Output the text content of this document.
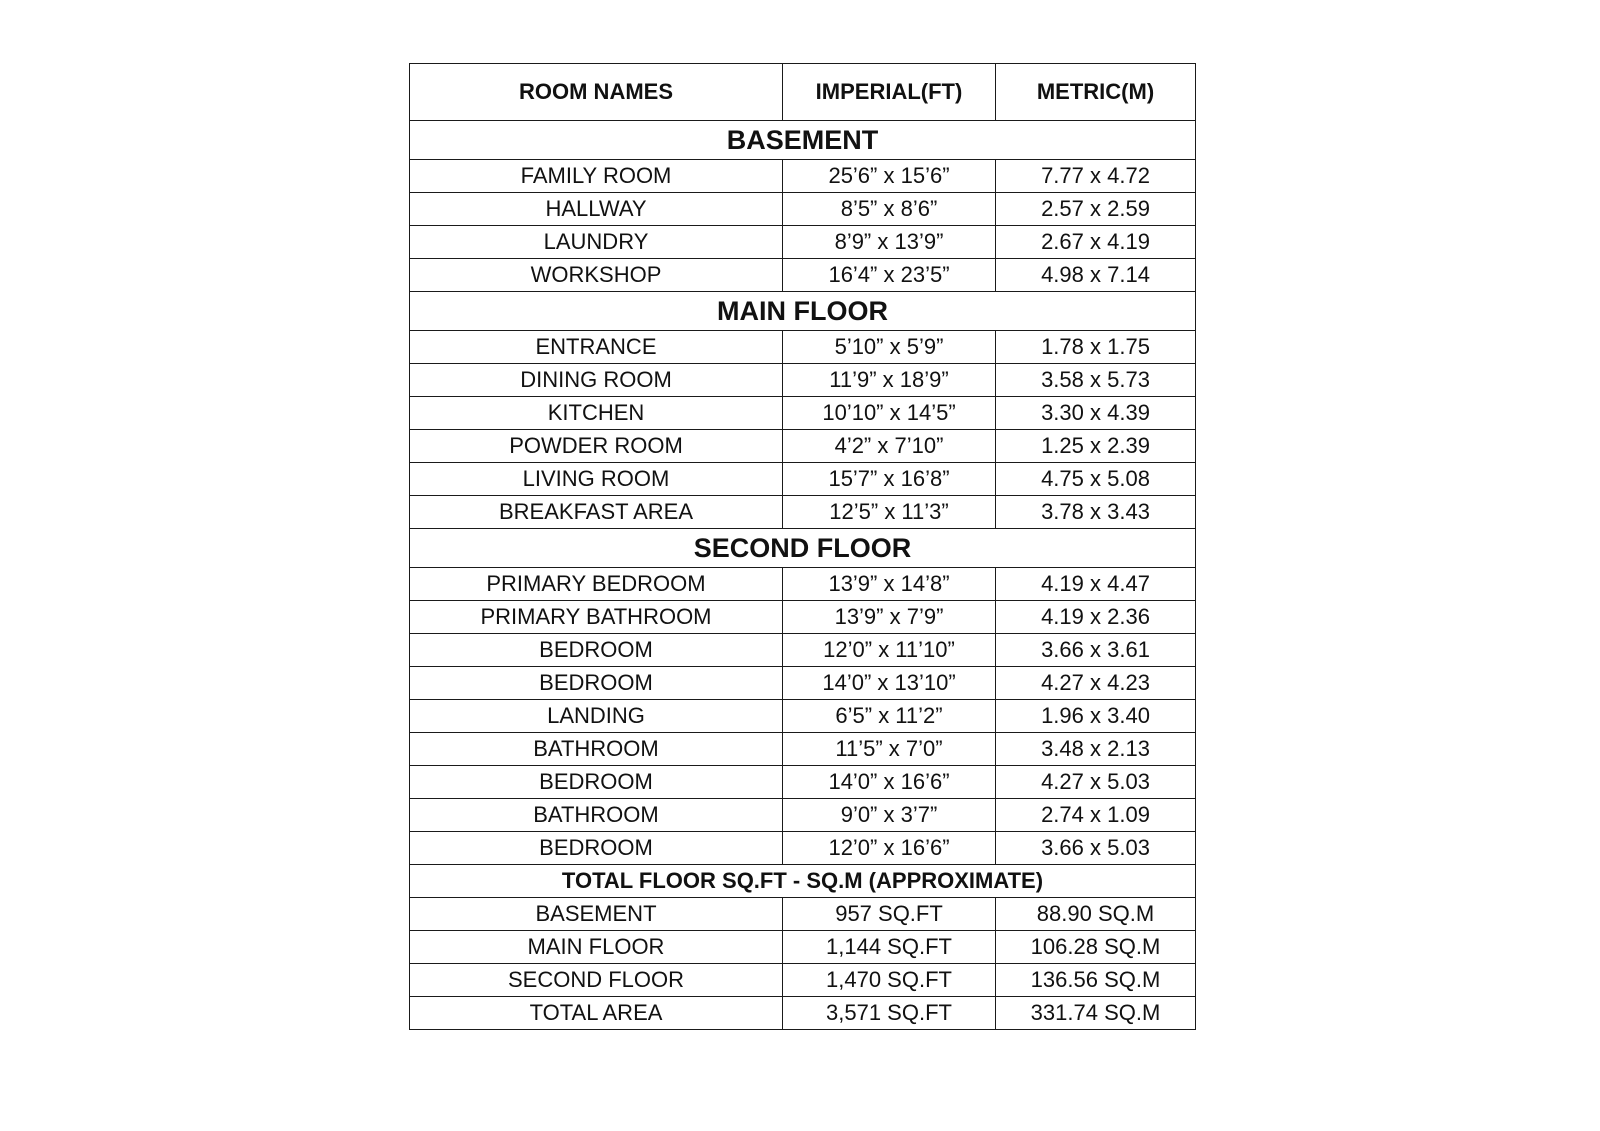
ROOM NAMES	IMPERIAL(FT)	METRIC(M)
BASEMENT		
FAMILY ROOM	25’6” x 15’6”	7.77 x 4.72
HALLWAY	8’5” x 8’6”	2.57 x 2.59
LAUNDRY	8’9” x 13’9”	2.67 x 4.19
WORKSHOP	16’4” x 23’5”	4.98 x 7.14
MAIN FLOOR		
ENTRANCE	5’10” x 5’9”	1.78 x 1.75
DINING ROOM	11’9” x 18’9”	3.58 x 5.73
KITCHEN	10’10” x 14’5”	3.30 x 4.39
POWDER ROOM	4’2” x 7’10”	1.25 x 2.39
LIVING ROOM	15’7” x 16’8”	4.75 x 5.08
BREAKFAST AREA	12’5” x 11’3”	3.78 x 3.43
SECOND FLOOR		
PRIMARY BEDROOM	13’9” x 14’8”	4.19 x 4.47
PRIMARY BATHROOM	13’9” x 7’9”	4.19 x 2.36
BEDROOM	12’0” x 11’10”	3.66 x 3.61
BEDROOM	14’0” x 13’10”	4.27 x 4.23
LANDING	6’5” x 11’2”	1.96 x 3.40
BATHROOM	11’5” x 7’0”	3.48 x 2.13
BEDROOM	14’0” x 16’6”	4.27 x 5.03
BATHROOM	9’0” x 3’7”	2.74 x 1.09
BEDROOM	12’0” x 16’6”	3.66 x 5.03
TOTAL FLOOR SQ.FT - SQ.M (APPROXIMATE)		
BASEMENT	957 SQ.FT	88.90 SQ.M
MAIN FLOOR	1,144 SQ.FT	106.28 SQ.M
SECOND FLOOR	1,470 SQ.FT	136.56 SQ.M
TOTAL AREA	3,571 SQ.FT	331.74 SQ.M
